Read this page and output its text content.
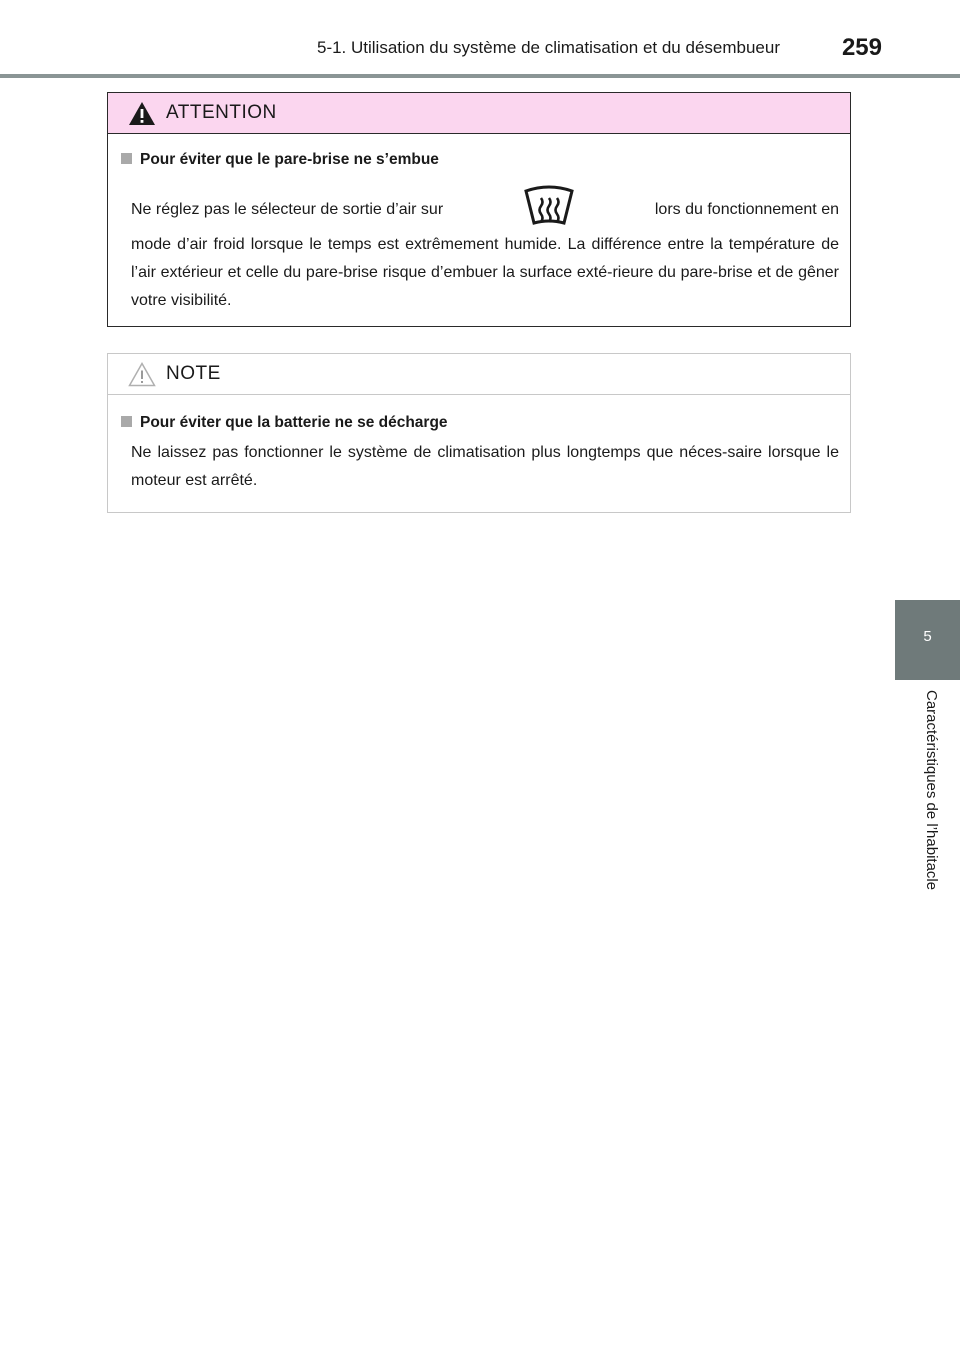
5-1. Utilisation du système de climatisation et du désembueur	259
ATTENTION
Pour éviter que le pare-brise ne s’embue
Ne réglez pas le sélecteur de sortie d’air sur	lors du fonctionnement en
mode d’air froid lorsque le temps est extrêmement humide. La différence entre la température de l’air extérieur et celle du pare-brise risque d’embuer la surface exté-rieure du pare-brise et de gêner votre visibilité.
NOTE
Pour éviter que la batterie ne se décharge
Ne laissez pas fonctionner le système de climatisation plus longtemps que néces-saire lorsque le moteur est arrêté.
5
Caractéristiques de l’habitacle
